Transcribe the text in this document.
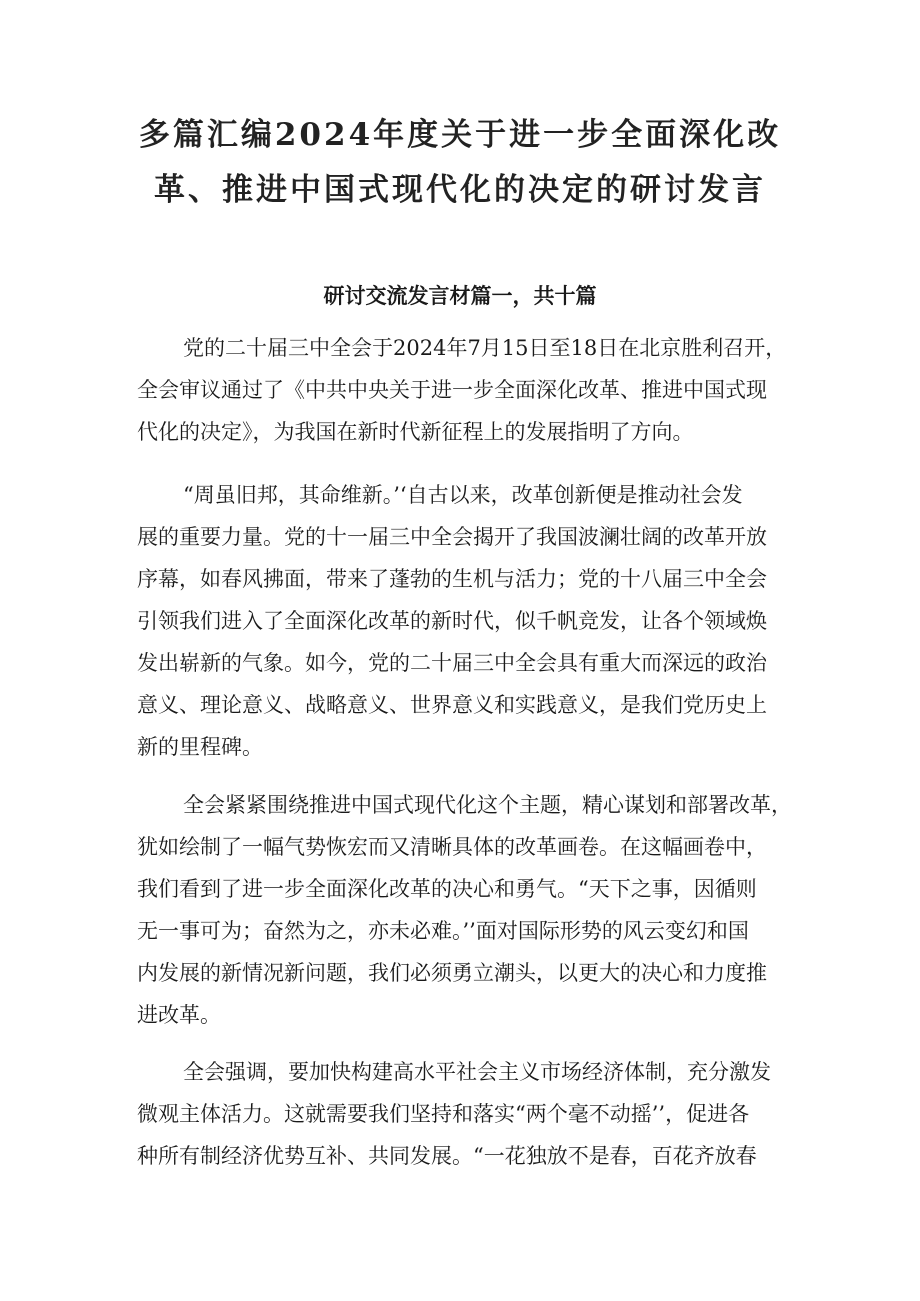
多篇汇编2024年度关于进一步全面深化改
革、推进中国式现代化的决定的研讨发言
研讨交流发言材篇一，共十篇

党的二十届三中全会于2024年7月15日至18日在北京胜利召开，
全会审议通过了《中共中央关于进一步全面深化改革、推进中国式现
代化的决定》，为我国在新时代新征程上的发展指明了方向。

“周虽旧邦，其命维新。’‘自古以来，改革创新便是推动社会发
展的重要力量。党的十一届三中全会揭开了我国波澜壮阔的改革开放
序幕，如春风拂面，带来了蓬勃的生机与活力；党的十八届三中全会
引领我们进入了全面深化改革的新时代，似千帆竞发，让各个领域焕
发出崭新的气象。如今，党的二十届三中全会具有重大而深远的政治
意义、理论意义、战略意义、世界意义和实践意义，是我们党历史上
新的里程碑。

全会紧紧围绕推进中国式现代化这个主题，精心谋划和部署改革，
犹如绘制了一幅气势恢宏而又清晰具体的改革画卷。在这幅画卷中，
我们看到了进一步全面深化改革的决心和勇气。“天下之事，因循则
无一事可为；奋然为之，亦未必难。’’面对国际形势的风云变幻和国
内发展的新情况新问题，我们必须勇立潮头，以更大的决心和力度推
进改革。

全会强调，要加快构建高水平社会主义市场经济体制，充分激发
微观主体活力。这就需要我们坚持和落实“两个毫不动摇’’，促进各
种所有制经济优势互补、共同发展。“一花独放不是春，百花齐放春
